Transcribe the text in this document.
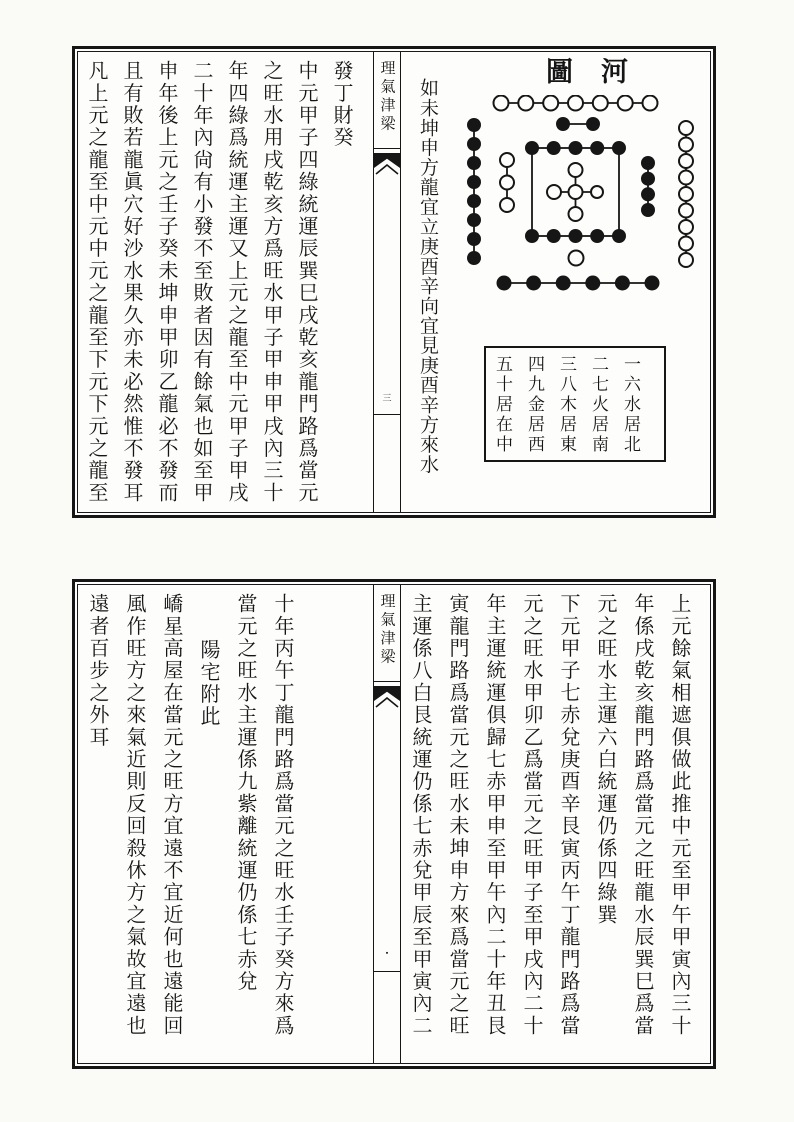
發丁財癸

中元甲子四綠統運辰巽巳戌乾亥龍門路爲當元

之旺水用戌乾亥方爲旺水甲子甲申甲戌內三十

年四綠爲統運主運又上元之龍至中元甲子甲戌

二十年內尙有小發不至敗者因有餘氣也如至甲

申年後上元之壬子癸未坤申甲卯乙龍必不發而

且有敗若龍眞穴好沙水果久亦未必然惟不發耳

凡上元之龍至中元中元之龍至下元下元之龍至	理氣津梁
三
河圖

一六水居北

二七火居南

三八木居東

四九金居西

五十居在中

如未坤申方龍宜立庚酉辛向宜見庚酉辛方來水

十年丙午丁龍門路爲當元之旺水壬子癸方來爲

當元之旺水主運係九紫離統運仍係七赤兌

陽宅附此

嶠星高屋在當元之旺方宜遠不宜近何也遠能回

風作旺方之來氣近則反回殺休方之氣故宜遠也

遠者百步之外耳	理氣津梁
▪	上元餘氣相遮俱做此推中元至甲午甲寅內三十

年係戌乾亥龍門路爲當元之旺龍水辰巽巳爲當

元之旺水主運六白統運仍係四綠巽

下元甲子七赤兌庚酉辛艮寅丙午丁龍門路爲當

元之旺水甲卯乙爲當元之旺甲子至甲戌內二十

年主運統運俱歸七赤甲申至甲午內二十年丑艮

寅龍門路爲當元之旺水未坤申方來爲當元之旺

主運係八白艮統運仍係七赤兌甲辰至甲寅內二
